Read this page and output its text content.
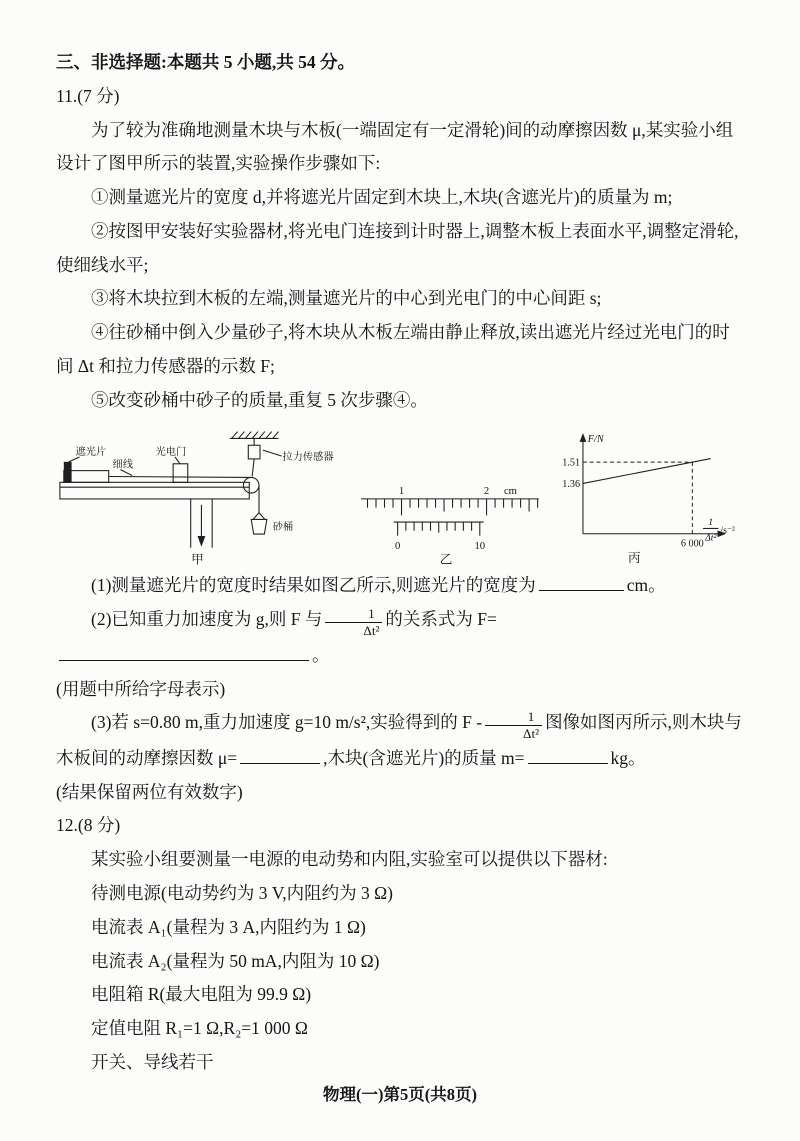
三、非选择题:本题共 5 小题,共 54 分。

11.(7 分)

为了较为准确地测量木块与木板(一端固定有一定滑轮)间的动摩擦因数 μ,某实验小组设计了图甲所示的装置,实验操作步骤如下:

①测量遮光片的宽度 d,并将遮光片固定到木块上,木块(含遮光片)的质量为 m;

②按图甲安装好实验器材,将光电门连接到计时器上,调整木板上表面水平,调整定滑轮,使细线水平;

③将木块拉到木板的左端,测量遮光片的中心到光电门的中心间距 s;

④往砂桶中倒入少量砂子,将木块从木板左端由静止释放,读出遮光片经过光电门的时间 Δt 和拉力传感器的示数 F;

⑤改变砂桶中砂子的质量,重复 5 次步骤④。

拉力传感器
遮光片
细线
光电门
砂桶
甲
1	2 cm
0	10
乙
F/N
1.51
1.36
6 000
1
Δt²
/s⁻²
丙

(1)测量遮光片的宽度时结果如图乙所示,则遮光片的宽度为	cm。

(2)已知重力加速度为 g,则 F 与 $\frac{1}{\text{Δt²}}$ 的关系式为 F=。

(用题中所给字母表示)

(3)若 s=0.80 m,重力加速度 g=10 m/s²,实验得到的 F - $\frac{1}{\text{Δt²}}$ 图像如图丙所示,则木块与木板间的动摩擦因数 μ=	,木块(含遮光片)的质量 m=	kg。

(结果保留两位有效数字)

12.(8 分)

某实验小组要测量一电源的电动势和内阻,实验室可以提供以下器材:

待测电源(电动势约为 3 V,内阻约为 3 Ω)

电流表 A₁(量程为 3 A,内阻约为 1 Ω)

电流表 A₂(量程为 50 mA,内阻为 10 Ω)

电阻箱 R(最大电阻为 99.9 Ω)

定值电阻 R₁=1 Ω,R₂=1 000 Ω

开关、导线若干

物理(一)第5页(共8页)
